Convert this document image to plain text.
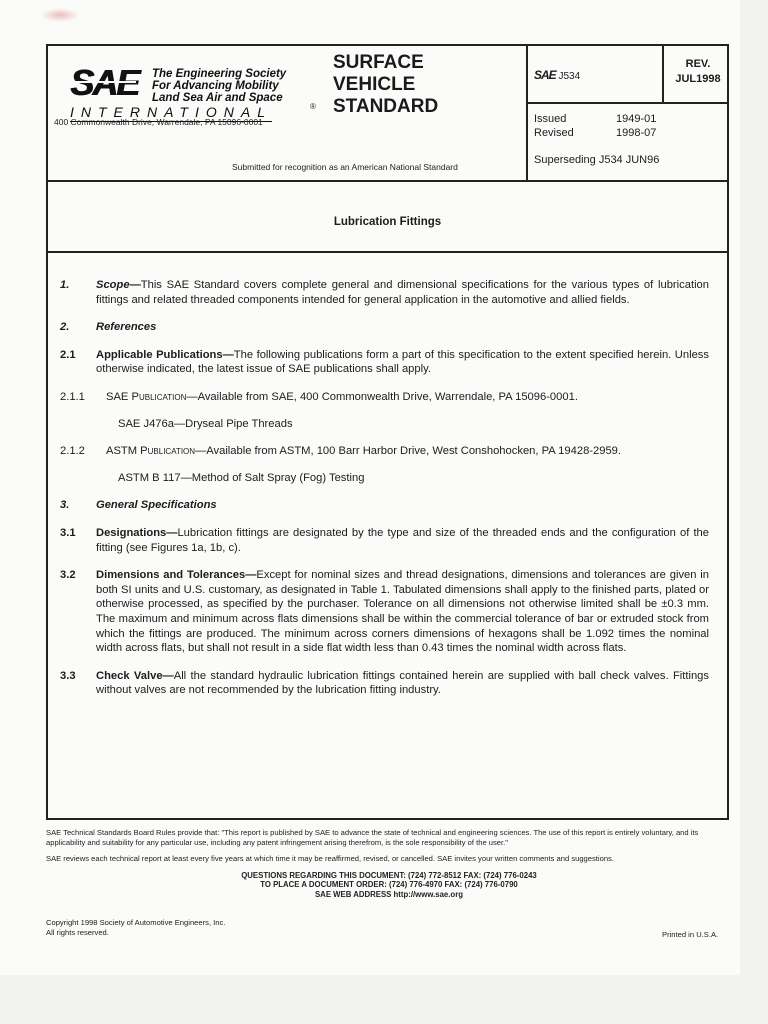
SAE The Engineering Society
For Advancing Mobility
Land Sea Air and Space
INTERNATIONAL	®
400 Commonwealth Drive, Warrendale, PA 15096-0001
SURFACE
VEHICLE
STANDARD
Submitted for recognition as an American National Standard
SAE J534
REV.
JUL1998
Issued
Revised
1949-01
1998-07
Superseding J534 JUN96
Lubrication Fittings
1. Scope—This SAE Standard covers complete general and dimensional specifications for the various types of lubrication fittings and related threaded components intended for general application in the automotive and allied fields.
2. References
2.1 Applicable Publications—The following publications form a part of this specification to the extent specified herein. Unless otherwise indicated, the latest issue of SAE publications shall apply.
2.1.1 SAE Publication—Available from SAE, 400 Commonwealth Drive, Warrendale, PA 15096-0001.
SAE J476a—Dryseal Pipe Threads
2.1.2 ASTM Publication—Available from ASTM, 100 Barr Harbor Drive, West Conshohocken, PA 19428-2959.
ASTM B 117—Method of Salt Spray (Fog) Testing
3. General Specifications
3.1 Designations—Lubrication fittings are designated by the type and size of the threaded ends and the configuration of the fitting (see Figures 1a, 1b, c).
3.2 Dimensions and Tolerances—Except for nominal sizes and thread designations, dimensions and tolerances are given in both SI units and U.S. customary, as designated in Table 1. Tabulated dimensions shall apply to the finished parts, plated or otherwise processed, as specified by the purchaser. Tolerance on all dimensions not otherwise limited shall be ±0.3 mm. The maximum and minimum across flats dimensions shall be within the commercial tolerance of bar or extruded stock from which the fittings are produced. The minimum across corners dimensions of hexagons shall be 1.092 times the nominal width across flats, but shall not result in a side flat width less than 0.43 times the nominal width across flats.
3.3 Check Valve—All the standard hydraulic lubrication fittings contained herein are supplied with ball check valves. Fittings without valves are not recommended by the lubrication fitting industry.

SAE Technical Standards Board Rules provide that: "This report is published by SAE to advance the state of technical and engineering sciences. The use of this report is entirely voluntary, and its applicability and suitability for any particular use, including any patent infringement arising therefrom, is the sole responsibility of the user."

SAE reviews each technical report at least every five years at which time it may be reaffirmed, revised, or cancelled. SAE invites your written comments and suggestions.

QUESTIONS REGARDING THIS DOCUMENT: (724) 772-8512 FAX: (724) 776-0243
TO PLACE A DOCUMENT ORDER: (724) 776-4970 FAX: (724) 776-0790
SAE WEB ADDRESS http://www.sae.org
Copyright 1998 Society of Automotive Engineers, Inc.
All rights reserved.	Printed in U.S.A.
